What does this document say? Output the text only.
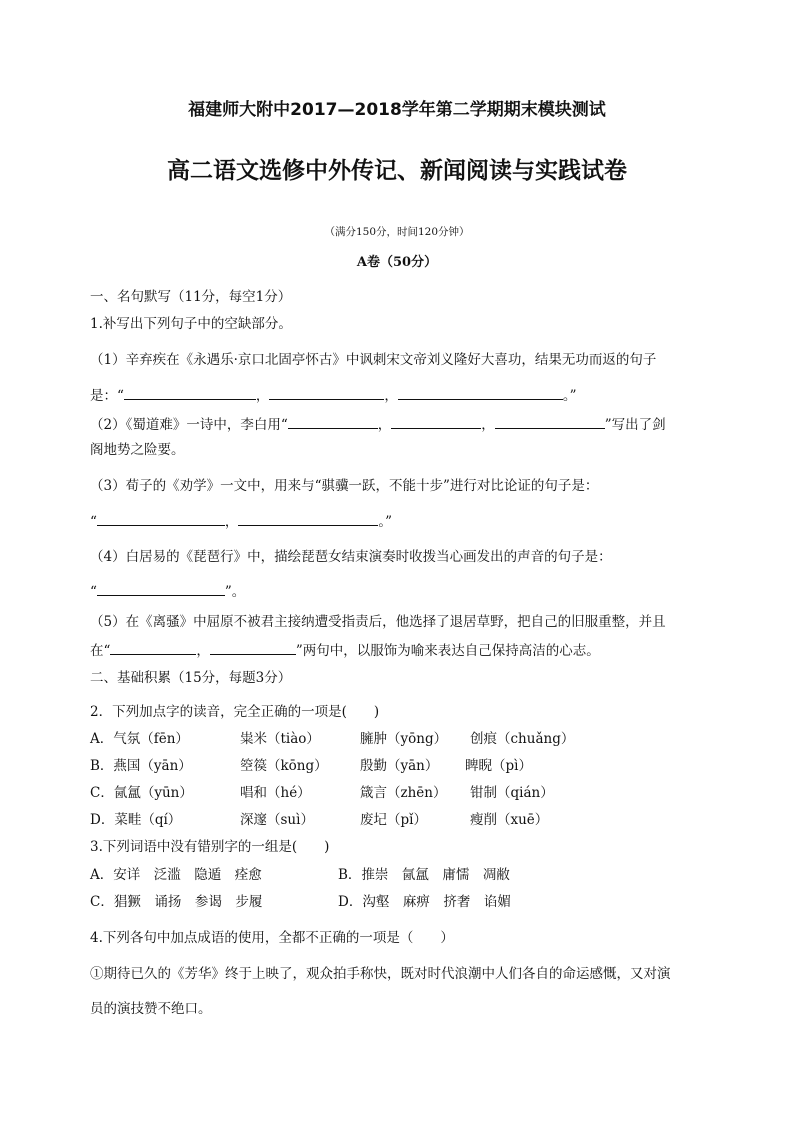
福建师大附中2017—2018学年第二学期期末模块测试
高二语文选修中外传记、新闻阅读与实践试卷
（满分150分，时间120分钟）
A卷（50分）
一、名句默写（11分，每空1分）
1.补写出下列句子中的空缺部分。
（1）辛弃疾在《永遇乐·京口北固亭怀古》中讽刺宋文帝刘义隆好大喜功，结果无功而返的句子
是：“	，	，	。”
（2）《蜀道难》一诗中，李白用“	，	，	”写出了剑
阁地势之险要。
（3）荀子的《劝学》一文中，用来与“骐骥一跃，不能十步”进行对比论证的句子是：
“	，	。”
（4）白居易的《琵琶行》中，描绘琵琶女结束演奏时收拨当心画发出的声音的句子是：
“	”。
（5）在《离骚》中屈原不被君主接纳遭受指责后，他选择了退居草野，把自己的旧服重整，并且
在“	，	”两句中，以服饰为喻来表达自己保持高洁的心志。
二、基础积累（15分，每题3分）
2．下列加点字的读音，完全正确的一项是(　　)
A．气氛（fēn）	粜米（tiào）	臃肿（yōng） 创痕（chuǎng）
B．燕国（yān）	箜篌（kōng） 殷勤（yān） 睥睨（pì）
C．氤氲（yūn）	唱和（hé）	箴言（zhēn） 钳制（qián）
D．菜畦（qí）	深邃（suì）	废圮（pǐ）	瘦削（xuē）
3.下列词语中没有错别字的一组是(　　)
A．安详　泛滥　隐遁　痊愈	B．推崇　氤氲　庸懦　凋敝
C．猖獗　诵扬　参谒　步履	D．沟壑　麻痹　挤奢　谄媚
4.下列各句中加点成语的使用，全都不正确的一项是（　　）
①期待已久的《芳华》终于上映了，观众拍手称快，既对时代浪潮中人们各自的命运感慨，又对演
员的演技赞不绝口。
